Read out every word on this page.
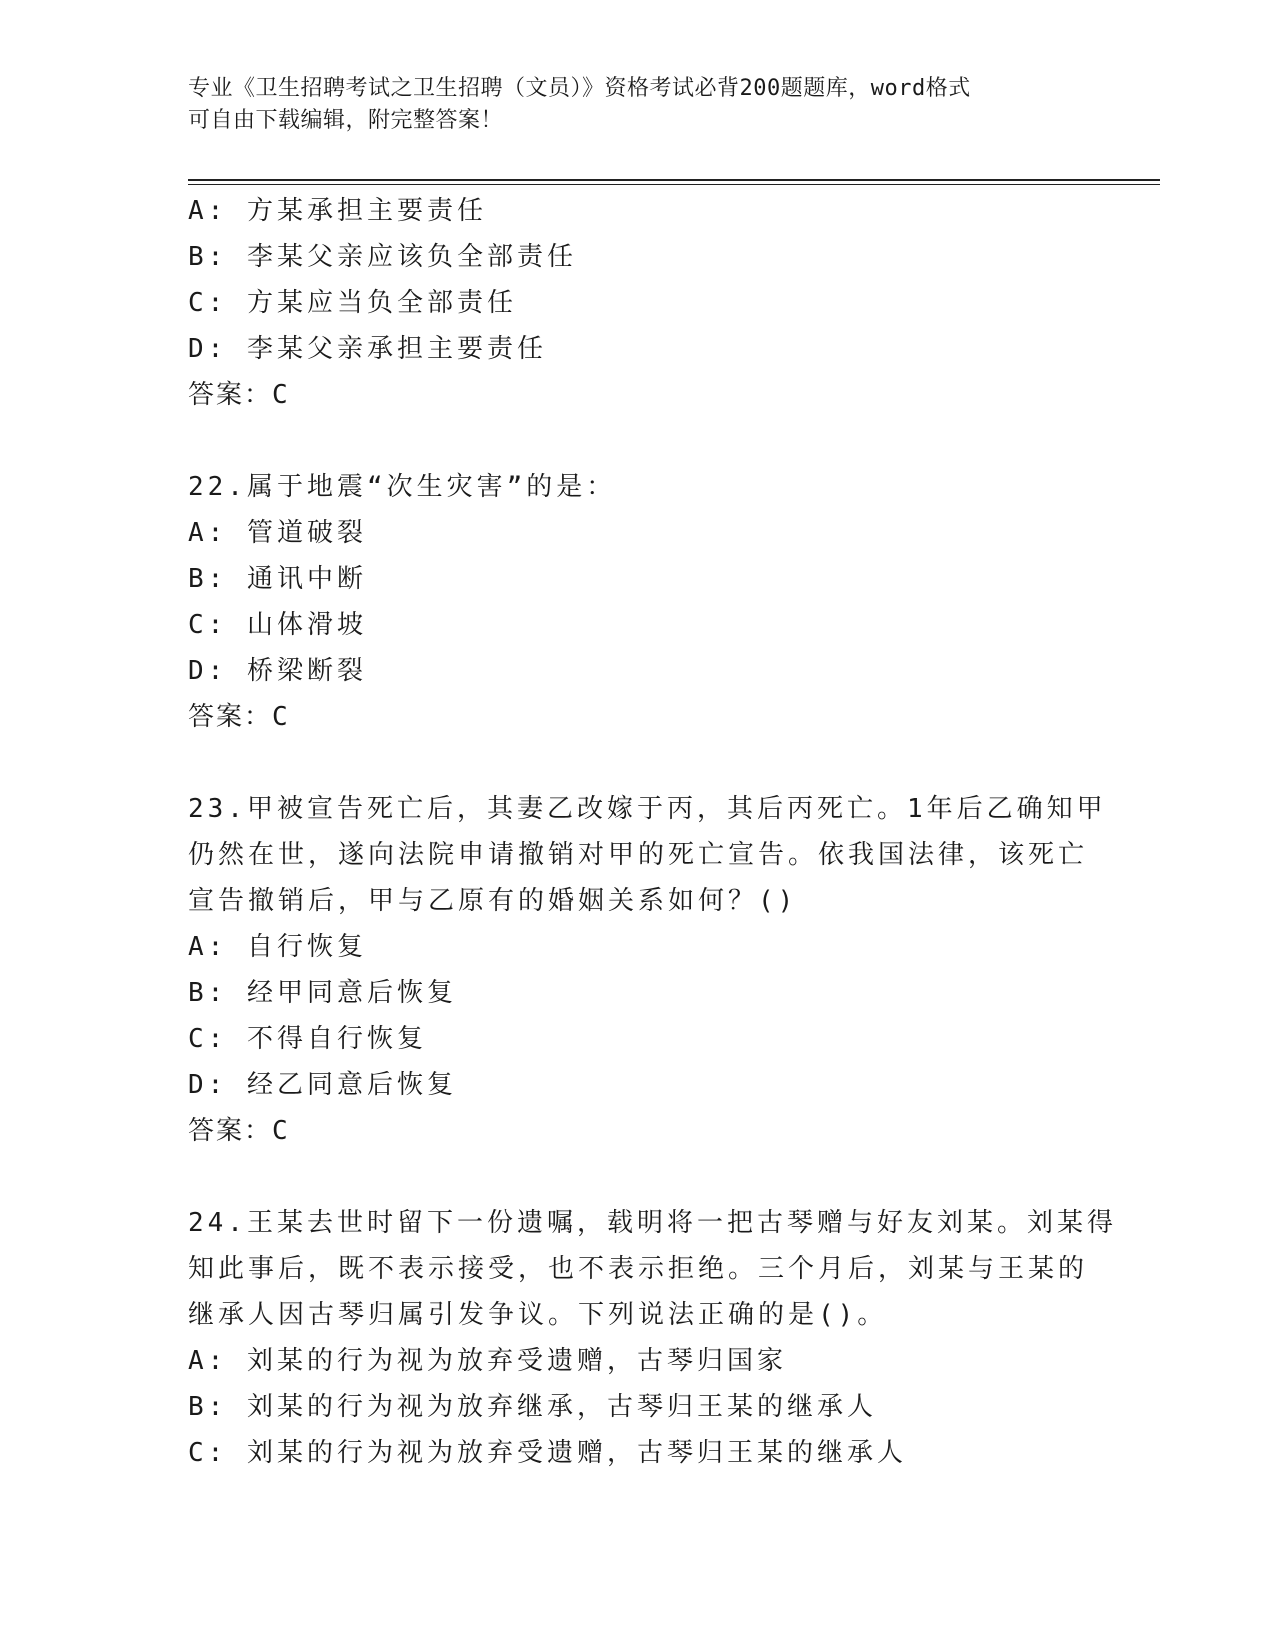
专业《卫生招聘考试之卫生招聘（文员）》资格考试必背200题题库，word格式
可自由下载编辑，附完整答案！
A: 方某承担主要责任
B: 李某父亲应该负全部责任
C: 方某应当负全部责任
D: 李某父亲承担主要责任
答案：C
22.属于地震“次生灾害”的是：
A: 管道破裂
B: 通讯中断
C: 山体滑坡
D: 桥梁断裂
答案：C
23.甲被宣告死亡后，其妻乙改嫁于丙，其后丙死亡。1年后乙确知甲
仍然在世，遂向法院申请撤销对甲的死亡宣告。依我国法律，该死亡
宣告撤销后，甲与乙原有的婚姻关系如何？()
A: 自行恢复
B: 经甲同意后恢复
C: 不得自行恢复
D: 经乙同意后恢复
答案：C
24.王某去世时留下一份遗嘱，载明将一把古琴赠与好友刘某。刘某得
知此事后，既不表示接受，也不表示拒绝。三个月后，刘某与王某的
继承人因古琴归属引发争议。下列说法正确的是()。
A: 刘某的行为视为放弃受遗赠，古琴归国家
B: 刘某的行为视为放弃继承，古琴归王某的继承人
C: 刘某的行为视为放弃受遗赠，古琴归王某的继承人
